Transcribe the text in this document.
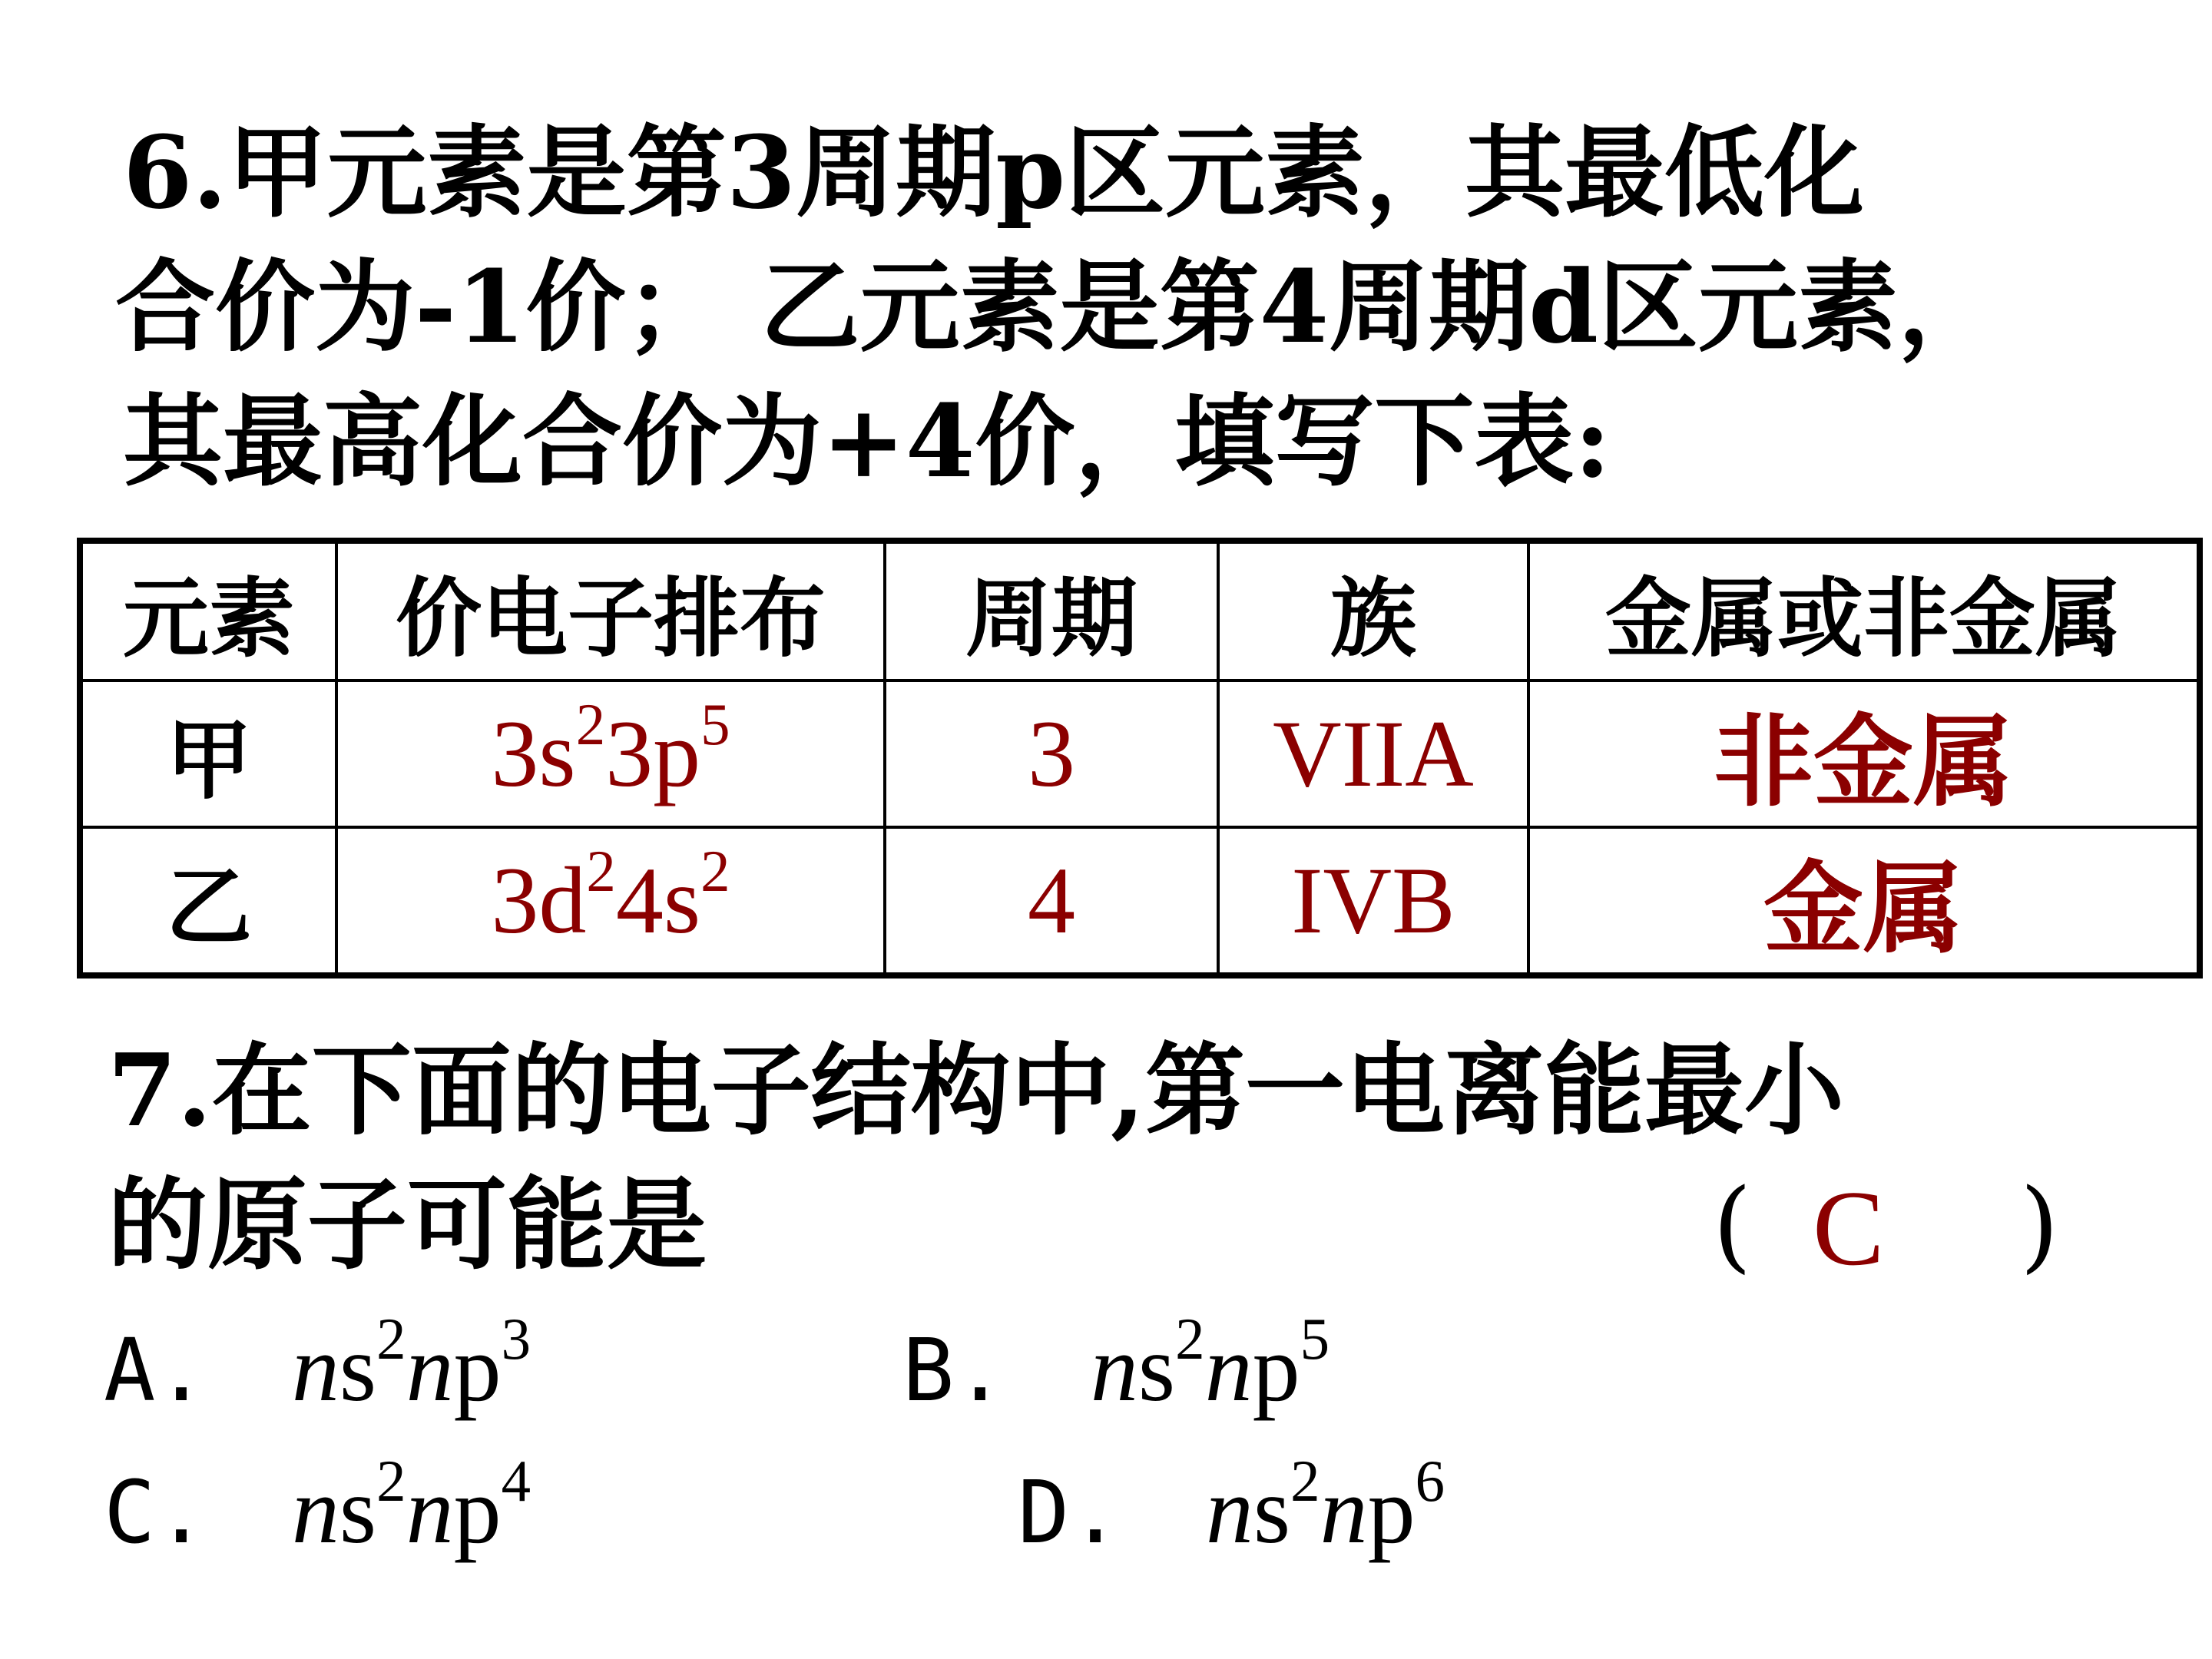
6.甲元素是第3周期p区元素，其最低化

合价为-1价； 乙元素是第4周期d区元素，

其最高化合价为+4价，填写下表:

元素	价电子排布	周期	族	金属或非金属
甲	$3s^23p^5$	3	VIIA	非金属
乙	$3d^24s^2$	4	IVB	金属

7.在下面的电子结构中,第一电离能最小

的原子可能是	( C )
A. $ns^2np^3$	B. $ns^2np^5$
C. $ns^2np^4$	D. $ns^2np^6$
